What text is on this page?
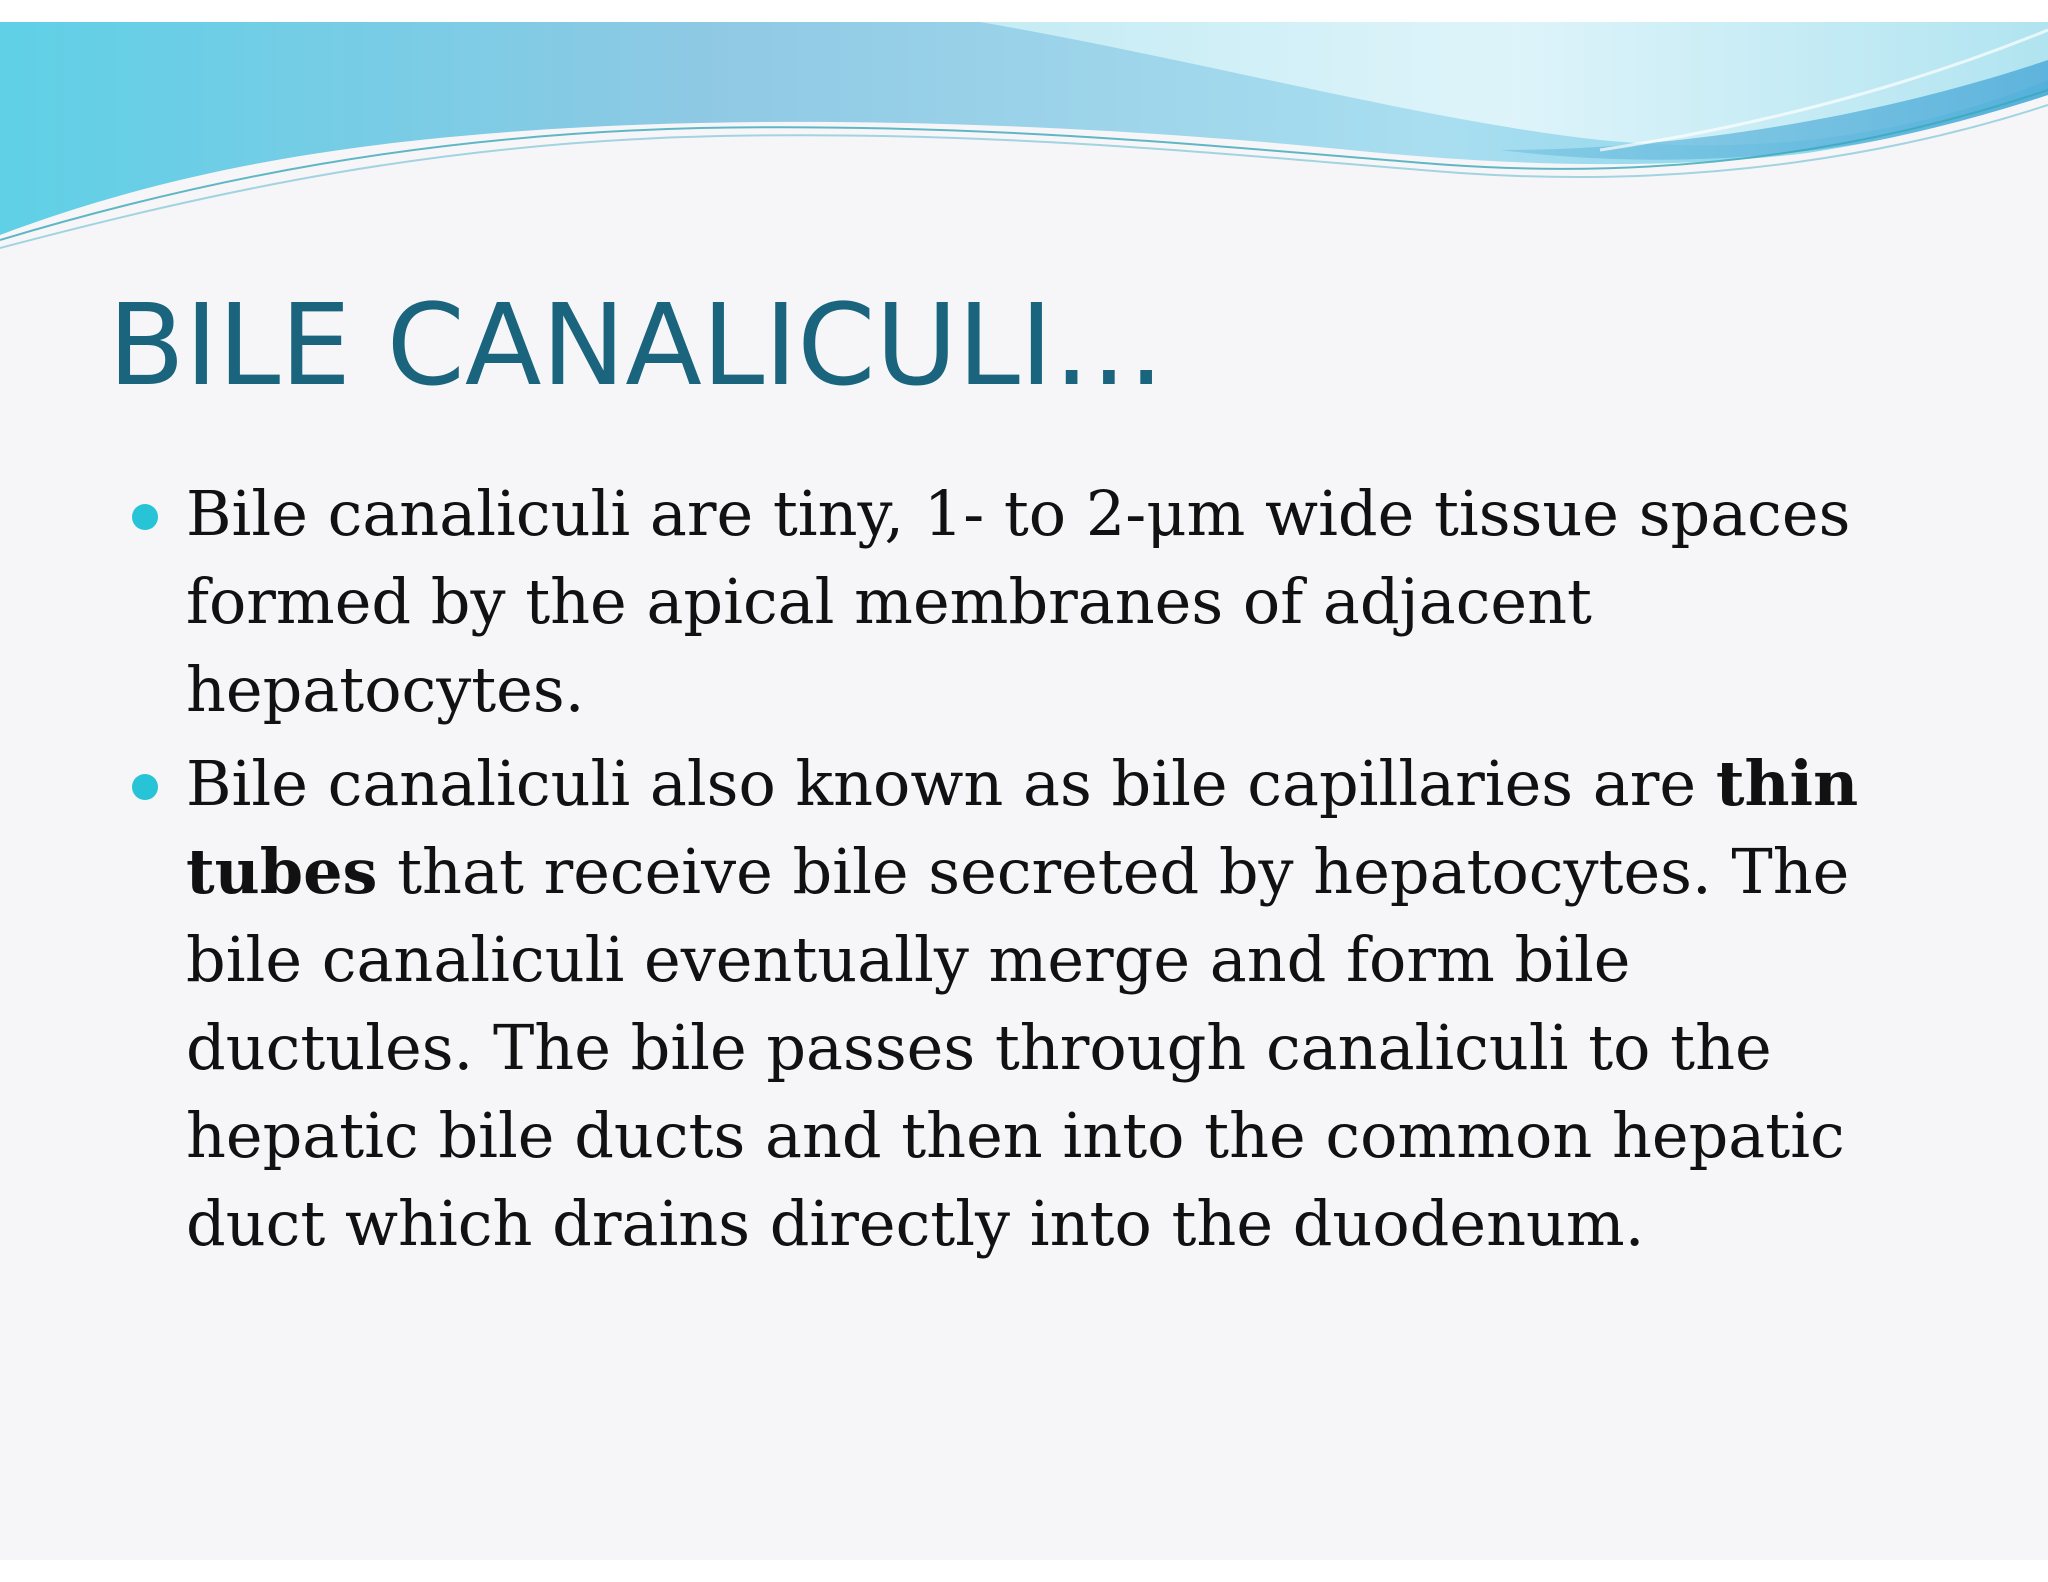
BILE CANALICULI…
Bile canaliculi are tiny, 1- to 2-μm wide tissue spaces formed by the apical membranes of adjacent hepatocytes.
Bile canaliculi also known as bile capillaries are thin tubes that receive bile secreted by hepatocytes. The bile canaliculi eventually merge and form bile ductules. The bile passes through canaliculi to the hepatic bile ducts and then into the common hepatic duct which drains directly into the duodenum.
